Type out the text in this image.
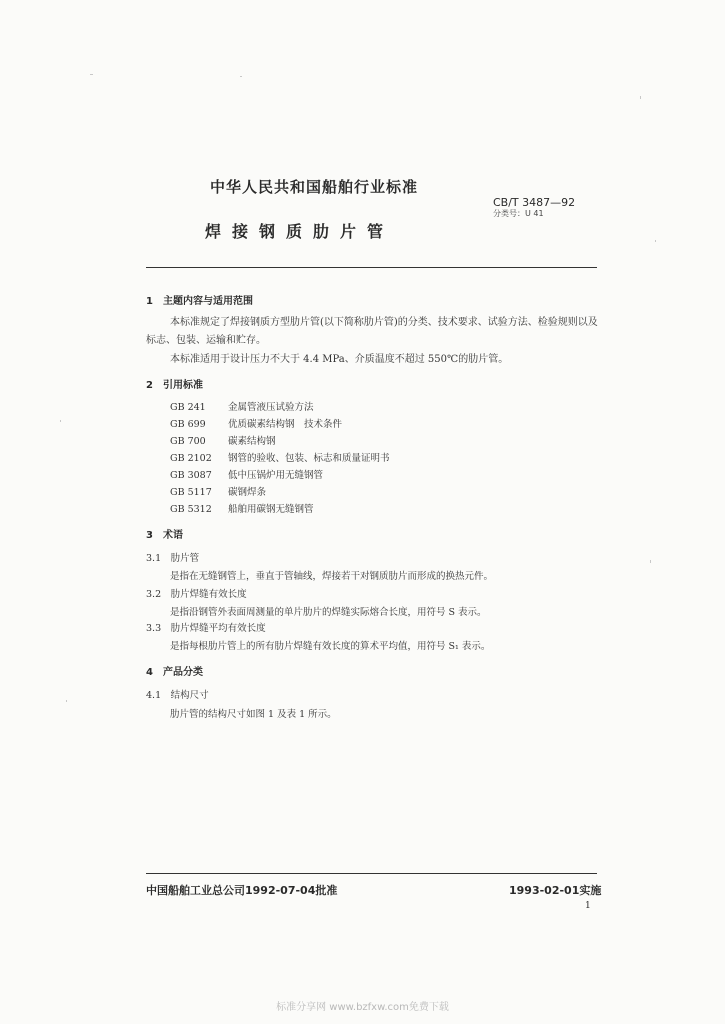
中华人民共和国船舶行业标准
CB/T 3487—92
分类号：U 41
焊接钢质肋片管
1　主题内容与适用范围
本标准规定了焊接钢质方型肋片管(以下简称肋片管)的分类、技术要求、试验方法、检验规则以及
标志、包装、运输和贮存。
本标准适用于设计压力不大于 4.4 MPa、介质温度不超过 550℃的肋片管。
2　引用标准
GB 241 金属管液压试验方法
GB 699 优质碳素结构钢　技术条件
GB 700 碳素结构钢
GB 2102 钢管的验收、包装、标志和质量证明书
GB 3087 低中压锅炉用无缝钢管
GB 5117 碳钢焊条
GB 5312 船舶用碳钢无缝钢管
3　术语
3.1　肋片管
是指在无缝钢管上，垂直于管轴线，焊接若干对钢质肋片而形成的换热元件。
3.2　肋片焊缝有效长度
是指沿钢管外表面周测量的单片肋片的焊缝实际熔合长度，用符号 S 表示。
3.3　肋片焊缝平均有效长度
是指每根肋片管上的所有肋片焊缝有效长度的算术平均值，用符号 S₁ 表示。
4　产品分类
4.1　结构尺寸
肋片管的结构尺寸如图 1 及表 1 所示。
中国船舶工业总公司1992-07-04批准	1993-02-01实施
1
标准分享网 www.bzfxw.com免费下载
